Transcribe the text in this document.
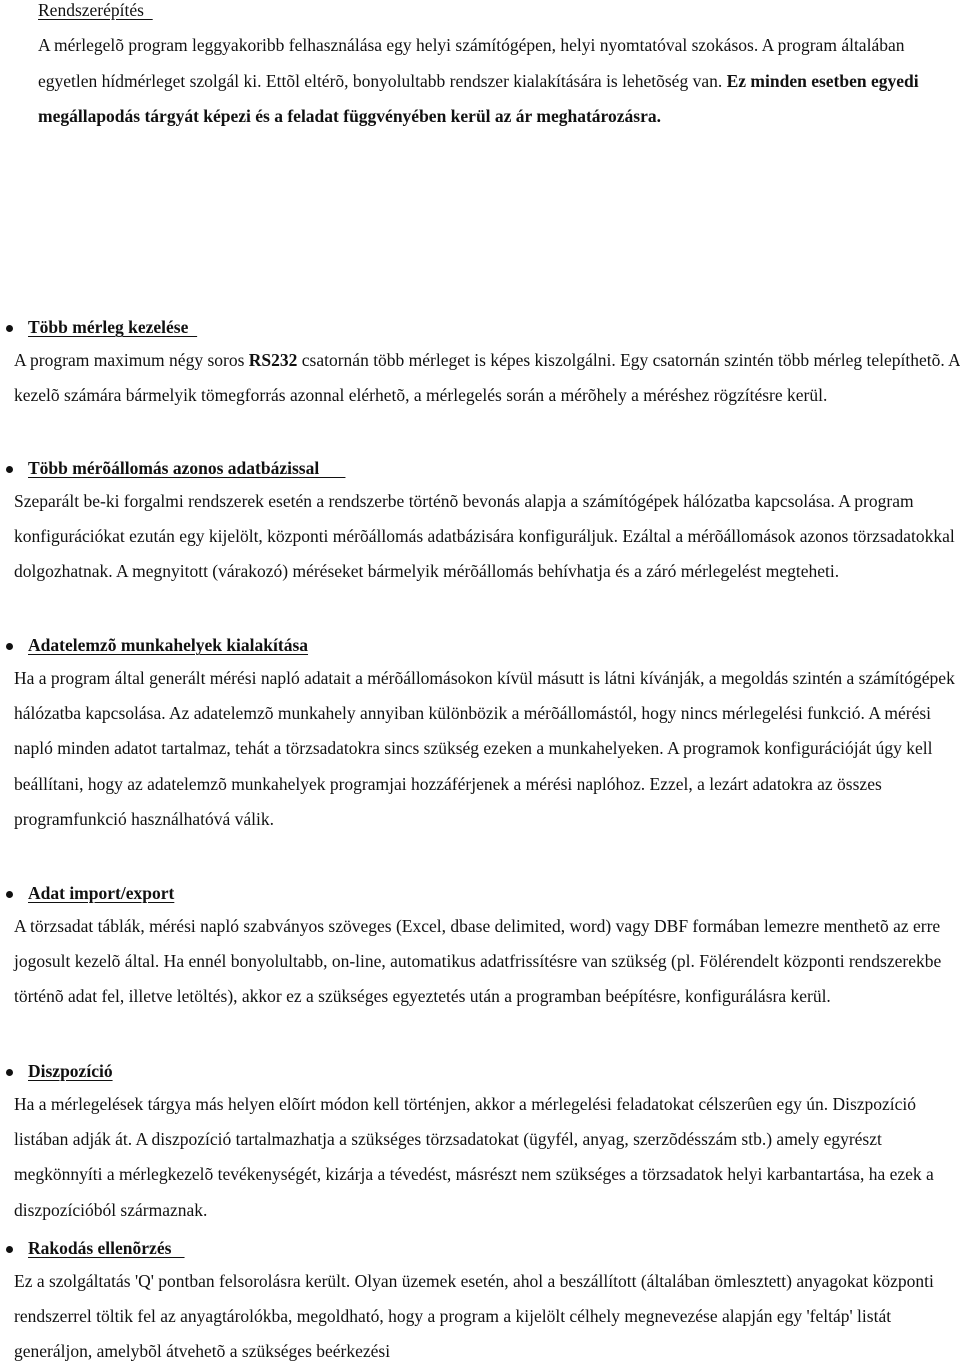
Rendszerépítés
A mérlegelõ program leggyakoribb felhasználása egy helyi számítógépen, helyi nyomtatóval szokásos. A program általában egyetlen hídmérleget szolgál ki. Ettõl eltérõ, bonyolultabb rendszer kialakítására is lehetõség van. Ez minden esetben egyedi megállapodás tárgyát képezi és a feladat függvényében kerül az ár meghatározásra.
Több mérleg kezelése
A program maximum négy soros RS232 csatornán több mérleget is képes kiszolgálni. Egy csatornán szintén több mérleg telepíthetõ. A kezelõ számára bármelyik tömegforrás azonnal elérhetõ, a mérlegelés során a mérõhely a méréshez rögzítésre kerül.
Több mérõállomás azonos adatbázissal
Szeparált be-ki forgalmi rendszerek esetén a rendszerbe történõ bevonás alapja a számítógépek hálózatba kapcsolása. A program konfigurációkat ezután egy kijelölt, központi mérõállomás adatbázisára konfiguráljuk. Ezáltal a mérõállomások azonos törzsadatokkal dolgozhatnak. A megnyitott (várakozó) méréseket bármelyik mérõállomás behívhatja és a záró mérlegelést megteheti.
Adatelemzõ munkahelyek kialakítása
Ha a program által generált mérési napló adatait a mérõállomásokon kívül másutt is látni kívánják, a megoldás szintén a számítógépek hálózatba kapcsolása. Az adatelemzõ munkahely annyiban különbözik a mérõállomástól, hogy nincs mérlegelési funkció. A mérési napló minden adatot tartalmaz, tehát a törzsadatokra sincs szükség ezeken a munkahelyeken. A programok konfigurációját úgy kell beállítani, hogy az adatelemzõ munkahelyek programjai hozzáférjenek a mérési naplóhoz. Ezzel, a lezárt adatokra az összes programfunkció használhatóvá válik.
Adat import/export
A törzsadat táblák, mérési napló szabványos szöveges (Excel, dbase delimited, word) vagy DBF formában lemezre menthetõ az erre jogosult kezelõ által. Ha ennél bonyolultabb, on-line, automatikus adatfrissítésre van szükség (pl. Fölérendelt központi rendszerekbe történõ adat fel, illetve letöltés), akkor ez a szükséges egyeztetés után a programban beépítésre, konfigurálásra kerül.
Diszpozíció
Ha a mérlegelések tárgya más helyen elõírt módon kell történjen, akkor a mérlegelési feladatokat célszerûen egy ún. Diszpozíció listában adják át. A diszpozíció tartalmazhatja a szükséges törzsadatokat (ügyfél, anyag, szerzõdésszám stb.) amely egyrészt megkönnyíti a mérlegkezelõ tevékenységét, kizárja a tévedést, másrészt nem szükséges a törzsadatok helyi karbantartása, ha ezek a diszpozícióból származnak.
Rakodás ellenõrzés
Ez a szolgáltatás 'Q' pontban felsorolásra került. Olyan üzemek esetén, ahol a beszállított (általában ömlesztett) anyagokat központi rendszerrel töltik fel az anyagtárolókba, megoldható, hogy a program a kijelölt célhely megnevezése alapján egy 'feltáp' listát generáljon, amelybõl átvehetõ a szükséges beérkezési
